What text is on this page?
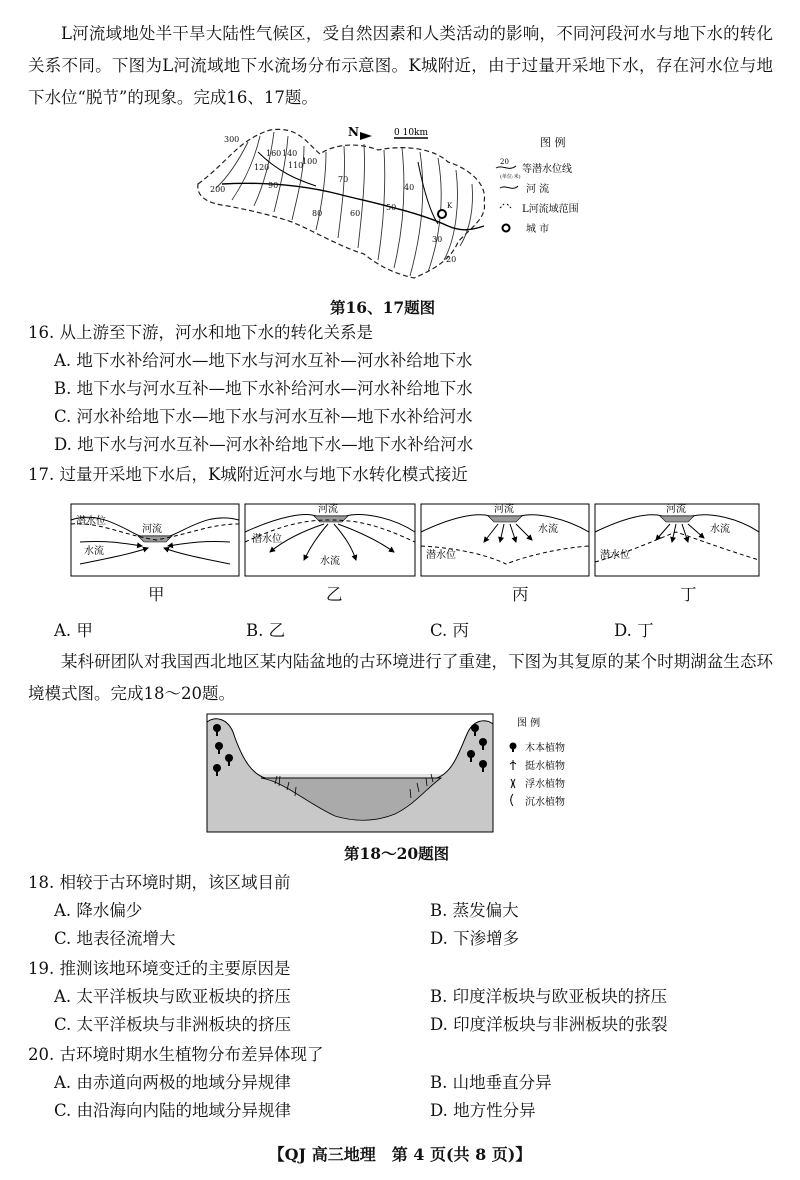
L河流域地处半干旱大陆性气候区，受自然因素和人类活动的影响，不同河段河水与地下水的转化关系不同。下图为L河流域地下水流场分布示意图。K城附近，由于过量开采地下水，存在河水位与地下水位“脱节”的现象。完成16、17题。
300
200
160 140
120 110
100
90
80
70
60
50
40
30
20
K
N	0 10km
图 例
20
(单位:米)
等潜水位线
河 流
L河流域范围
城 市
第16、17题图
16. 从上游至下游，河水和地下水的转化关系是
A. 地下水补给河水—地下水与河水互补—河水补给地下水
B. 地下水与河水互补—地下水补给河水—河水补给地下水
C. 河水补给地下水—地下水与河水互补—地下水补给河水
D. 地下水与河水互补—河水补给地下水—地下水补给河水
17. 过量开采地下水后，K城附近河水与地下水转化模式接近
潜水位
河流
水流
河流
潜水位
水流
河流
潜水位
水流
河流
潜水位
水流
甲	乙	丙	丁
A. 甲	B. 乙	C. 丙	D. 丁
某科研团队对我国西北地区某内陆盆地的古环境进行了重建，下图为其复原的某个时期湖盆生态环境模式图。完成18～20题。
图 例
木本植物
挺水植物
浮水植物
沉水植物
第18～20题图
18. 相较于古环境时期，该区域目前
A. 降水偏少	B. 蒸发偏大
C. 地表径流增大	D. 下渗增多
19. 推测该地环境变迁的主要原因是
A. 太平洋板块与欧亚板块的挤压	B. 印度洋板块与欧亚板块的挤压
C. 太平洋板块与非洲板块的挤压	D. 印度洋板块与非洲板块的张裂
20. 古环境时期水生植物分布差异体现了
A. 由赤道向两极的地域分异规律	B. 山地垂直分异
C. 由沿海向内陆的地域分异规律	D. 地方性分异
【QJ 高三地理　第 4 页(共 8 页)】
